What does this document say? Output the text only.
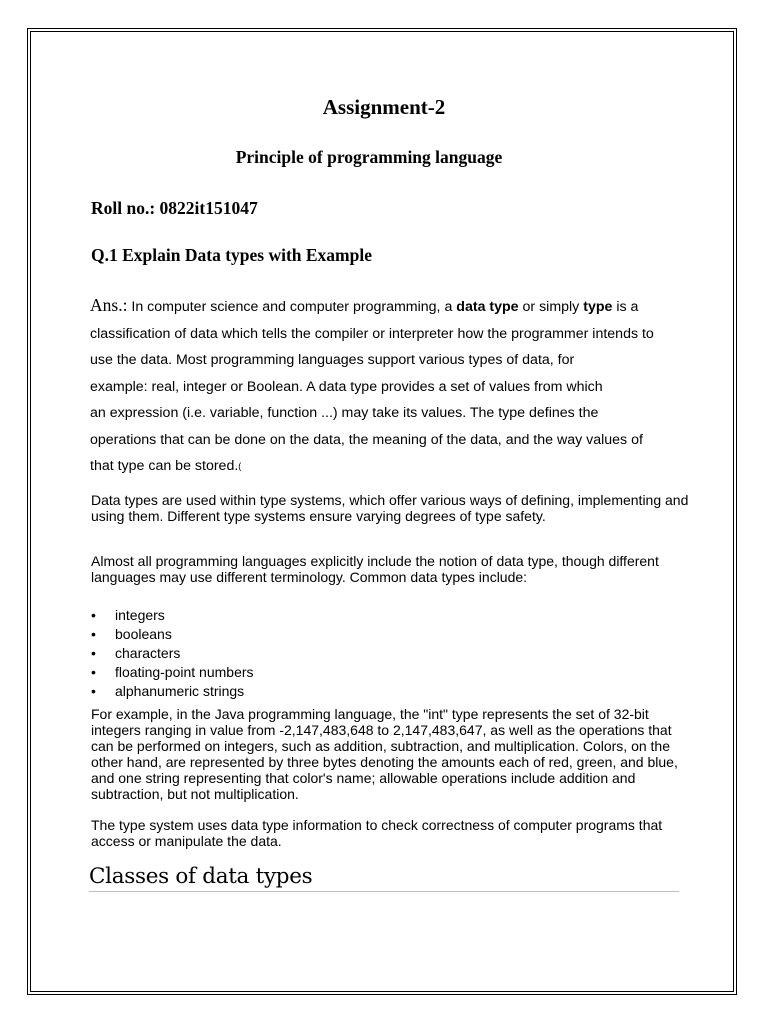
Assignment-2
Principle of programming language

Roll no.: 0822it151047

Q.1 Explain Data types with Example
Ans.: In computer science and computer programming, a data type or simply type is a
classification of data which tells the compiler or interpreter how the programmer intends to
use the data. Most programming languages support various types of data, for
example: real, integer or Boolean. A data type provides a set of values from which
an expression (i.e. variable, function ...) may take its values. The type defines the
operations that can be done on the data, the meaning of the data, and the way values of
that type can be stored.(

Data types are used within type systems, which offer various ways of defining, implementing and using them. Different type systems ensure varying degrees of type safety.

Almost all programming languages explicitly include the notion of data type, though different languages may use different terminology. Common data types include:

• integers
• booleans
• characters
• floating-point numbers
• alphanumeric strings

For example, in the Java programming language, the "int" type represents the set of 32-bit integers ranging in value from -2,147,483,648 to 2,147,483,647, as well as the operations that can be performed on integers, such as addition, subtraction, and multiplication. Colors, on the other hand, are represented by three bytes denoting the amounts each of red, green, and blue, and one string representing that color's name; allowable operations include addition and subtraction, but not multiplication.

The type system uses data type information to check correctness of computer programs that access or manipulate the data.

Classes of data types
